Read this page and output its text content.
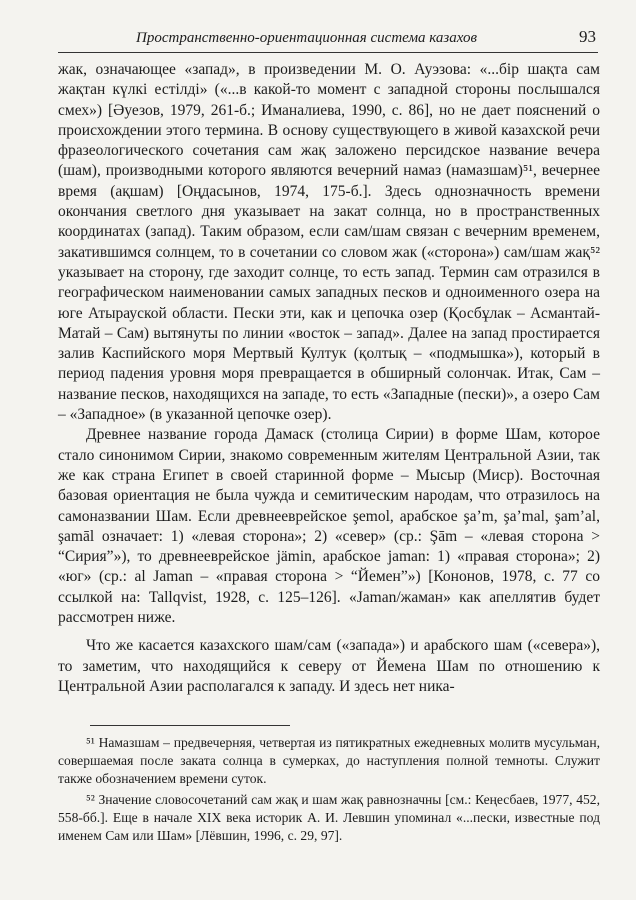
Пространственно-ориентационная система казахов	93

жак, означающее «запад», в произведении М. О. Ауэзова: «...бір шақта сам жақтан күлкі естілді» («...в какой-то момент с западной стороны послышался смех») [Әуезов, 1979, 261-б.; Иманалиева, 1990, с. 86], но не дает пояснений о происхождении этого термина. В основу существующего в живой казахской речи фразеологического сочетания сам жақ заложено персидское название вечера (шам), производными которого являются вечерний намаз (намазшам)⁵¹, вечернее время (ақшам) [Оңдасынов, 1974, 175-б.]. Здесь однозначность времени окончания светлого дня указывает на закат солнца, но в пространственных координатах (запад). Таким образом, если сам/шам связан с вечерним временем, закатившимся солнцем, то в сочетании со словом жак («сторона») сам/шам жақ⁵² указывает на сторону, где заходит солнце, то есть запад. Термин сам отразился в географическом наименовании самых западных песков и одноименного озера на юге Атырауской области. Пески эти, как и цепочка озер (Қосбұлак – Асмантай-Матай – Сам) вытянуты по линии «восток – запад». Далее на запад простирается залив Каспийского моря Мертвый Култук (қолтық – «подмышка»), который в период падения уровня моря превращается в обширный солончак. Итак, Сам – название песков, находящихся на западе, то есть «Западные (пески)», а озеро Сам – «Западное» (в указанной цепочке озер).

Древнее название города Дамаск (столица Сирии) в форме Шам, которое стало синонимом Сирии, знакомо современным жителям Центральной Азии, так же как страна Египет в своей старинной форме – Мысыр (Миср). Восточная базовая ориентация не была чужда и семитическим народам, что отразилось на самоназвании Шам. Если древнееврейское şemol, арабское şa’m, şa’mal, şam’al, şamāl означает: 1) «левая сторона»; 2) «север» (ср.: Şām – «левая сторона > “Сирия”»), то древнееврейское jämin, арабское jaman: 1) «правая сторона»; 2) «юг» (ср.: al Jaman – «правая сторона > “Йемен”») [Кононов, 1978, с. 77 со ссылкой на: Tallqvist, 1928, с. 125–126]. «Jaman/жаман» как апеллятив будет рассмотрен ниже.

Что же касается казахского шам/сам («запада») и арабского шам («севера»), то заметим, что находящийся к северу от Йемена Шам по отношению к Центральной Азии располагался к западу. И здесь нет ника-

⁵¹ Намазшам – предвечерняя, четвертая из пятикратных ежедневных молитв мусульман, совершаемая после заката солнца в сумерках, до наступления полной темноты. Служит также обозначением времени суток.

⁵² Значение словосочетаний сам жақ и шам жақ равнозначны [см.: Кеңесбаев, 1977, 452, 558-бб.]. Еще в начале XIX века историк А. И. Левшин упоминал «...пески, известные под именем Сам или Шам» [Лёвшин, 1996, с. 29, 97].
